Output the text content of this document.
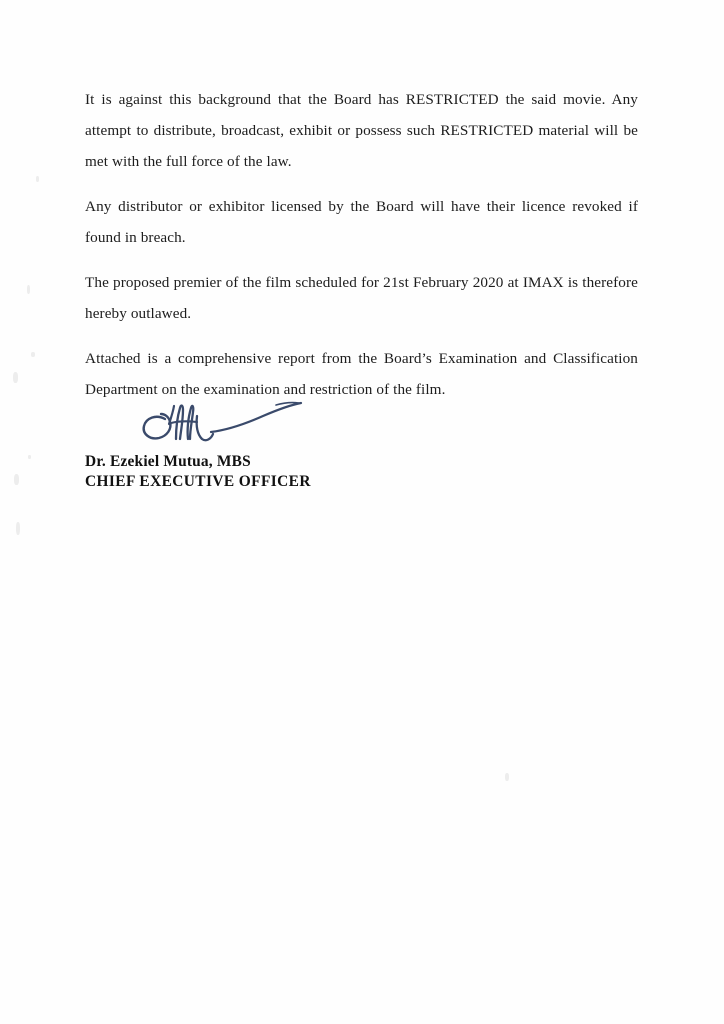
It is against this background that the Board has RESTRICTED the said movie. Any attempt to distribute, broadcast, exhibit or possess such RESTRICTED material will be met with the full force of the law.

Any distributor or exhibitor licensed by the Board will have their licence revoked if found in breach.

The proposed premier of the film scheduled for 21st February 2020 at IMAX is therefore hereby outlawed.

Attached is a comprehensive report from the Board’s Examination and Classification Department on the examination and restriction of the film.

Dr. Ezekiel Mutua, MBS
CHIEF EXECUTIVE OFFICER
